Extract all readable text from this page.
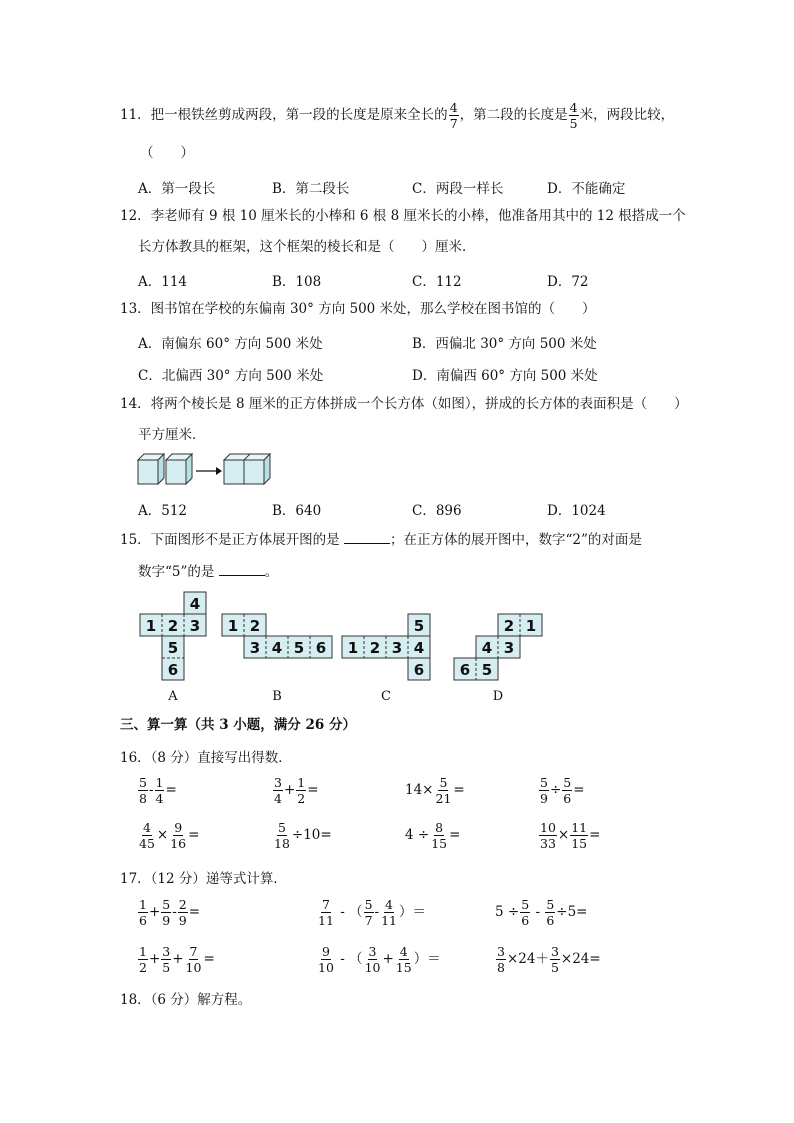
11．把一根铁丝剪成两段，第一段的长度是原来全长的 $\frac{4}{7}$ ，第二段的长度是 $\frac{4}{5}$ 米，两段比较，
（　　）
A．第一段长	B．第二段长	C．两段一样长	D．不能确定
12．李老师有 9 根 10 厘米长的小棒和 6 根 8 厘米长的小棒，他准备用其中的 12 根搭成一个
长方体教具的框架，这个框架的棱长和是（　　）厘米．
A．114	B．108	C．112	D．72
13．图书馆在学校的东偏南 30° 方向 500 米处，那么学校在图书馆的（　　）
A．南偏东 60° 方向 500 米处	B．西偏北 30° 方向 500 米处
C．北偏西 30° 方向 500 米处	D．南偏西 60° 方向 500 米处
14．将两个棱长是 8 厘米的正方体拼成一个长方体（如图），拼成的长方体的表面积是（　　）
平方厘米．
A．512	B．640	C．896	D．1024
15．下面图形不是正方体展开图的是	；在正方体的展开图中，数字“2”的对面是
数字“5”的是	。
1 2 3
4
5
6
A
1 2
3 4 5 6
B
1 2 3 4
5
6
C
2 1
4 3
6 5
D
三、算一算（共 3 小题，满分 26 分）
16．（8 分）直接写出得数．
$\frac{5}{8} - \frac{1}{4}$ =	$\frac{3}{4} + \frac{1}{2}$ =	$14\times \frac{5}{21}$ =	$\frac{5}{9} \div \frac{5}{6}$ =
$\frac{4}{45} \times \frac{9}{16}$ =	$\frac{5}{18} \div 10=$	$4 \div \frac{8}{15}$ =	$\frac{10}{33} \times \frac{11}{15}$ =
17．（12 分）递等式计算．
$\frac{1}{6} + \frac{5}{9} - \frac{2}{9}$ =	$\frac{7}{11}$ - （ $\frac{5}{7} - \frac{4}{11}$ ）＝	$5 \div \frac{5}{6} - \frac{5}{6} \div 5=$
$\frac{1}{2} + \frac{3}{5} + \frac{7}{10}$ =	$\frac{9}{10}$ - （ $\frac{3}{10} + \frac{4}{15}$ ）＝	$\frac{3}{8} \times 24+ \frac{3}{5} \times 24=$
18．（6 分）解方程。
